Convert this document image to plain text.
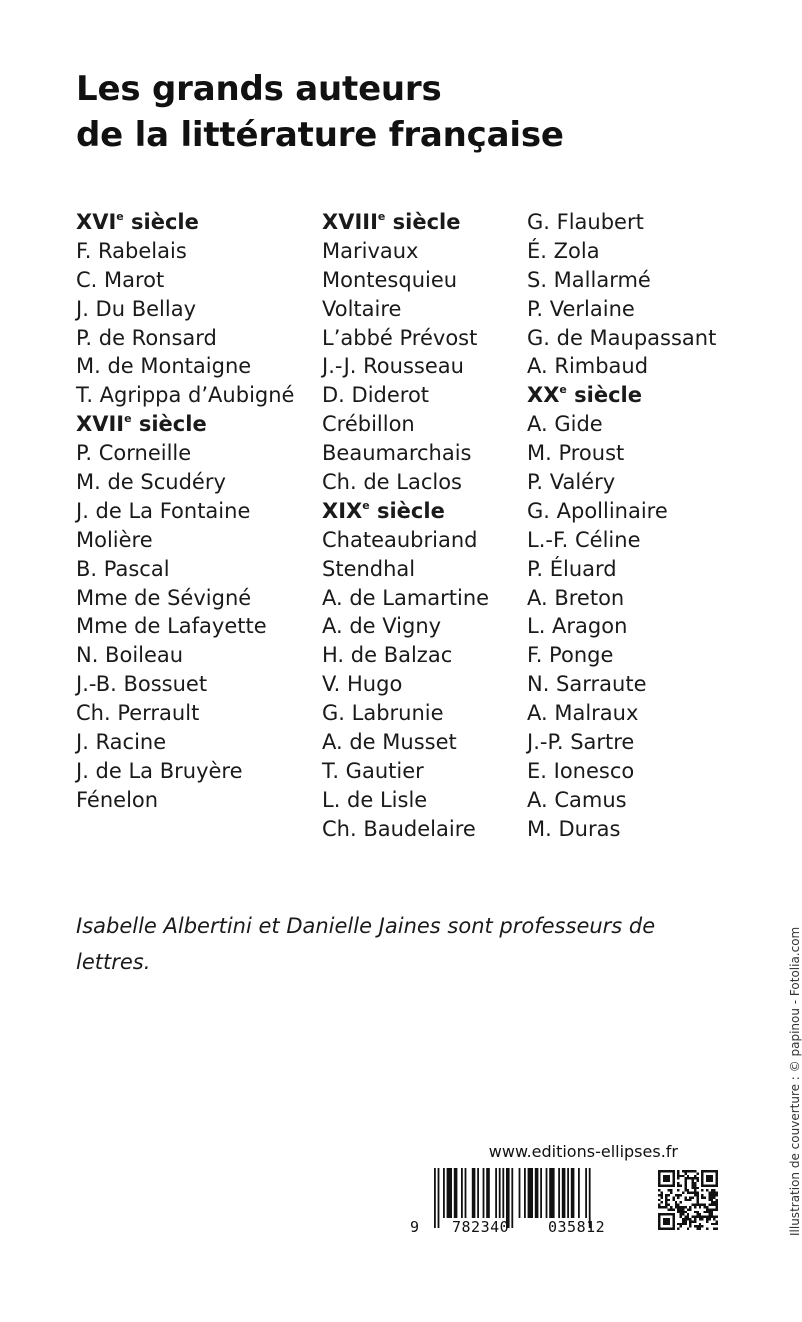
Les grands auteurs
de la littérature française
XVIe siècle
F. Rabelais
C. Marot
J. Du Bellay
P. de Ronsard
M. de Montaigne
T. Agrippa d’Aubigné
XVIIe siècle
P. Corneille
M. de Scudéry
J. de La Fontaine
Molière
B. Pascal
Mme de Sévigné
Mme de Lafayette
N. Boileau
J.-B. Bossuet
Ch. Perrault
J. Racine
J. de La Bruyère
Fénelon
XVIIIe siècle
Marivaux
Montesquieu
Voltaire
L’abbé Prévost
J.-J. Rousseau
D. Diderot
Crébillon
Beaumarchais
Ch. de Laclos
XIXe siècle
Chateaubriand
Stendhal
A. de Lamartine
A. de Vigny
H. de Balzac
V. Hugo
G. Labrunie
A. de Musset
T. Gautier
L. de Lisle
Ch. Baudelaire
G. Flaubert
É. Zola
S. Mallarmé
P. Verlaine
G. de Maupassant
A. Rimbaud
XXe siècle
A. Gide
M. Proust
P. Valéry
G. Apollinaire
L.-F. Céline
P. Éluard
A. Breton
L. Aragon
F. Ponge
N. Sarraute
A. Malraux
J.-P. Sartre
E. Ionesco
A. Camus
M. Duras

Isabelle Albertini et Danielle Jaines sont professeurs de lettres.	Illustration de couverture : © papinou - Fotolia.com
www.editions-ellipses.fr
9 782340	035812
